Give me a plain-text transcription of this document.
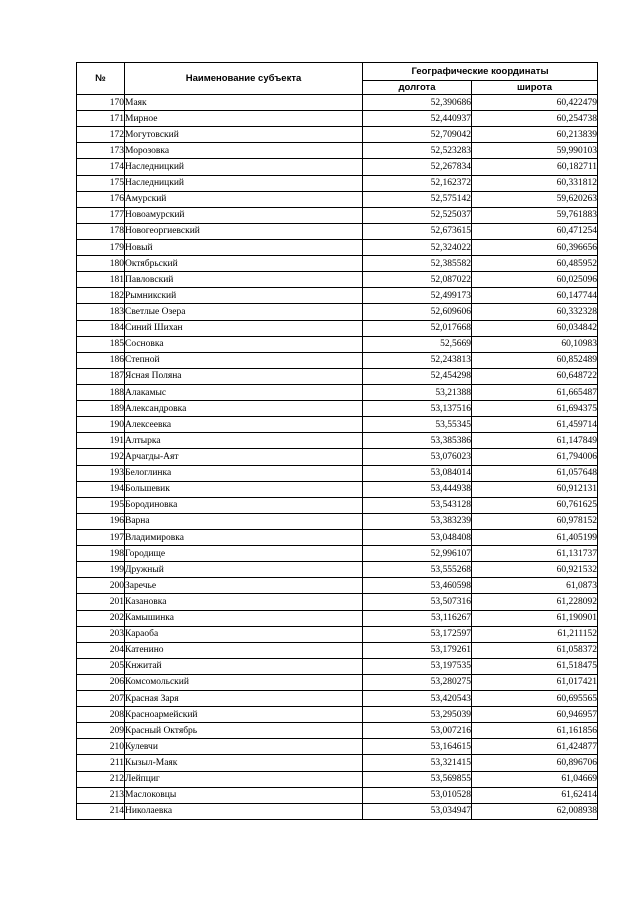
№	Наименование субъекта	Географические координаты	
		долгота	широта
170	Маяк	52,390686	60,422479
171	Мирное	52,440937	60,254738
172	Могутовский	52,709042	60,213839
173	Морозовка	52,523283	59,990103
174	Наследницкий	52,267834	60,182711
175	Наследницкий	52,162372	60,331812
176	Амурский	52,575142	59,620263
177	Новоамурский	52,525037	59,761883
178	Новогеоргиевский	52,673615	60,471254
179	Новый	52,324022	60,396656
180	Октябрьский	52,385582	60,485952
181	Павловский	52,087022	60,025096
182	Рымникский	52,499173	60,147744
183	Светлые Озера	52,609606	60,332328
184	Синий Шихан	52,017668	60,034842
185	Сосновка	52,5669	60,10983
186	Степной	52,243813	60,852489
187	Ясная Поляна	52,454298	60,648722
188	Алакамыс	53,21388	61,665487
189	Александровка	53,137516	61,694375
190	Алексеевка	53,55345	61,459714
191	Алтырка	53,385386	61,147849
192	Арчагды-Аят	53,076023	61,794006
193	Белоглинка	53,084014	61,057648
194	Большевик	53,444938	60,912131
195	Бородиновка	53,543128	60,761625
196	Варна	53,383239	60,978152
197	Владимировка	53,048408	61,405199
198	Городище	52,996107	61,131737
199	Дружный	53,555268	60,921532
200	Заречье	53,460598	61,0873
201	Казановка	53,507316	61,228092
202	Камышинка	53,116267	61,190901
203	Караоба	53,172597	61,211152
204	Катенино	53,179261	61,058372
205	Кнжитай	53,197535	61,518475
206	Комсомольский	53,280275	61,017421
207	Красная Заря	53,420543	60,695565
208	Красноармейский	53,295039	60,946957
209	Красный Октябрь	53,007216	61,161856
210	Кулевчи	53,164615	61,424877
211	Кызыл-Маяк	53,321415	60,896706
212	Лейпциг	53,569855	61,04669
213	Маслоковцы	53,010528	61,62414
214	Николаевка	53,034947	62,008938
